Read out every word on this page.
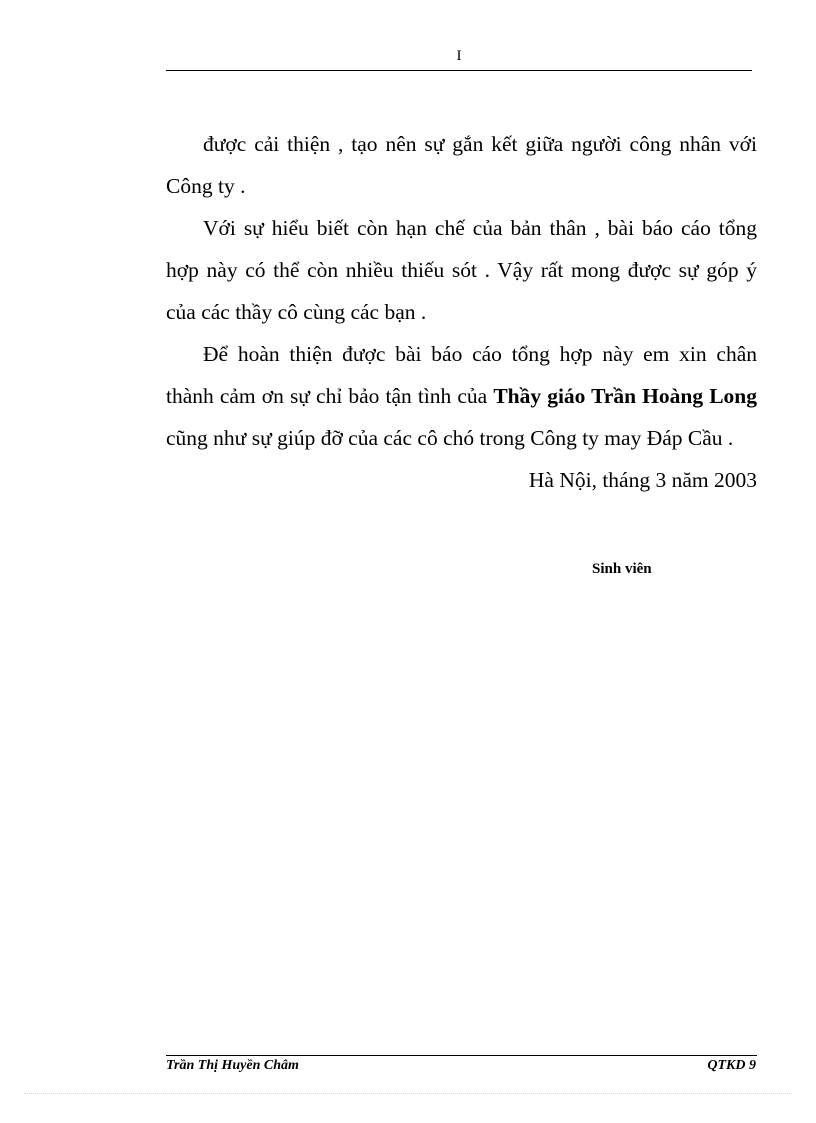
I

được cải thiện , tạo nên sự gắn kết giữa người công nhân với Công ty .

Với sự hiểu biết còn hạn chế của bản thân , bài báo cáo tổng hợp này có thể còn nhiều thiếu sót . Vậy rất mong được sự góp ý của các thầy cô cùng các bạn .

Để hoàn thiện được bài báo cáo tổng hợp này em xin chân thành cảm ơn sự chỉ bảo tận tình của Thầy giáo Trần Hoàng Long cũng như sự giúp đỡ của các cô chó trong Công ty may Đáp Cầu .

Hà Nội, tháng 3 năm 2003

Sinh viên
Trần Thị Huyền Châm	QTKD 9
